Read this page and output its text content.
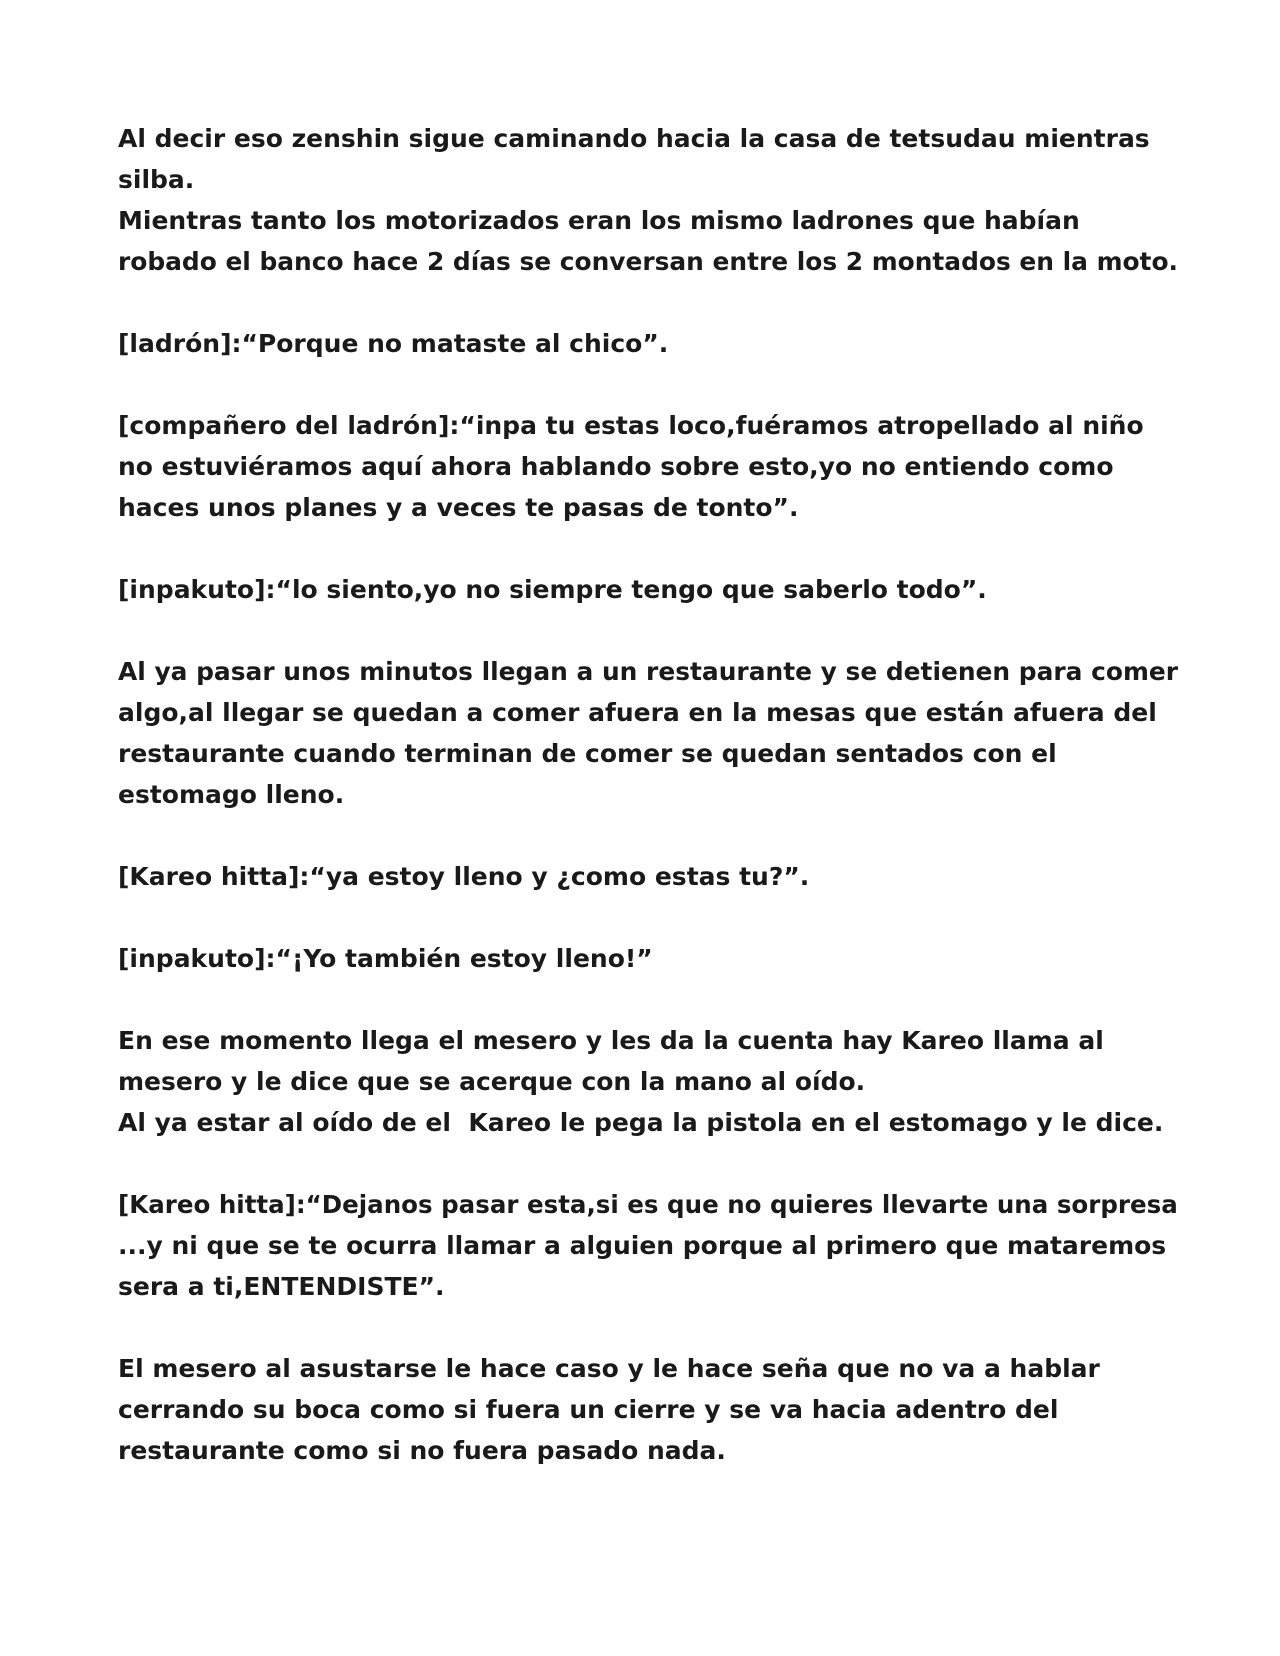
Al decir eso zenshin sigue caminando hacia la casa de tetsudau mientras
silba.
Mientras tanto los motorizados eran los mismo ladrones que habían
robado el banco hace 2 días se conversan entre los 2 montados en la moto.

[ladrón]:“Porque no mataste al chico”.

[compañero del ladrón]:“inpa tu estas loco,fuéramos atropellado al niño
no estuviéramos aquí ahora hablando sobre esto,yo no entiendo como
haces unos planes y a veces te pasas de tonto”.

[inpakuto]:“lo siento,yo no siempre tengo que saberlo todo”.

Al ya pasar unos minutos llegan a un restaurante y se detienen para comer
algo,al llegar se quedan a comer afuera en la mesas que están afuera del
restaurante cuando terminan de comer se quedan sentados con el
estomago lleno.

[Kareo hitta]:“ya estoy lleno y ¿como estas tu?”.

[inpakuto]:“¡Yo también estoy lleno!”

En ese momento llega el mesero y les da la cuenta hay Kareo llama al
mesero y le dice que se acerque con la mano al oído.
Al ya estar al oído de el  Kareo le pega la pistola en el estomago y le dice.

[Kareo hitta]:“Dejanos pasar esta,si es que no quieres llevarte una sorpresa
...y ni que se te ocurra llamar a alguien porque al primero que mataremos
sera a ti,ENTENDISTE”.

El mesero al asustarse le hace caso y le hace seña que no va a hablar
cerrando su boca como si fuera un cierre y se va hacia adentro del
restaurante como si no fuera pasado nada.
